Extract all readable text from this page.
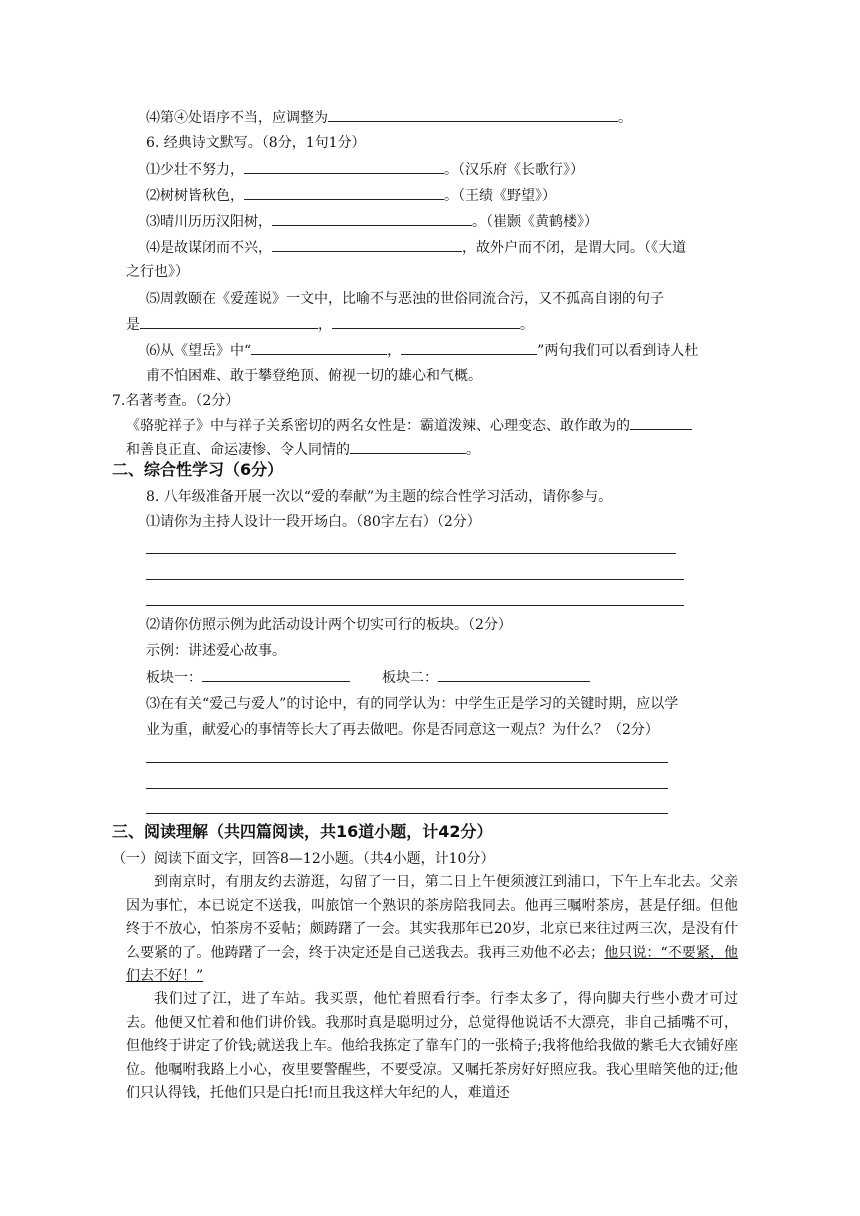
⑷第④处语序不当，应调整为	。
6. 经典诗文默写。（8分，1句1分）
⑴少壮不努力，	。（汉乐府《长歌行》）
⑵树树皆秋色，	。（王绩《野望》）
⑶晴川历历汉阳树，	。（崔颢《黄鹤楼》）
⑷是故谋闭而不兴，	，故外户而不闭，是谓大同。（《大道
之行也》）
⑸周敦颐在《爱莲说》一文中，比喻不与恶浊的世俗同流合污，又不孤高自诩的句子
是	，	。
⑹从《望岳》中“	，	”两句我们可以看到诗人杜
甫不怕困难、敢于攀登绝顶、俯视一切的雄心和气概。
7.名著考查。（2分）
《骆驼祥子》中与祥子关系密切的两名女性是：霸道泼辣、心理变态、敢作敢为的
和善良正直、命运凄惨、令人同情的	。
二、综合性学习（6分）
8. 八年级准备开展一次以“爱的奉献”为主题的综合性学习活动，请你参与。
⑴请你为主持人设计一段开场白。（80字左右）（2分）
⑵请你仿照示例为此活动设计两个切实可行的板块。（2分）
示例：讲述爱心故事。
板块一：	板块二：
⑶在有关“爱己与爱人”的讨论中，有的同学认为：中学生正是学习的关键时期，应以学
业为重，献爱心的事情等长大了再去做吧。你是否同意这一观点？为什么？（2分）
三、阅读理解（共四篇阅读，共16道小题，计42分）
（一）阅读下面文字，回答8—12小题。（共4小题，计10分）
到南京时，有朋友约去游逛，勾留了一日，第二日上午便须渡江到浦口，下午上车北去。父亲因为事忙，本已说定不送我，叫旅馆一个熟识的茶房陪我同去。他再三嘱咐茶房，甚是仔细。但他终于不放心，怕茶房不妥帖；颇踌躇了一会。其实我那年已20岁，北京已来往过两三次，是没有什么要紧的了。他踌躇了一会，终于决定还是自己送我去。我再三劝他不必去；他只说：“不要紧，他们去不好！”
我们过了江，进了车站。我买票，他忙着照看行李。行李太多了，得向脚夫行些小费才可过去。他便又忙着和他们讲价钱。我那时真是聪明过分，总觉得他说话不大漂亮，非自己插嘴不可，但他终于讲定了价钱;就送我上车。他给我拣定了靠车门的一张椅子;我将他给我做的紫毛大衣铺好座位。他嘱咐我路上小心，夜里要警醒些，不要受凉。又嘱托茶房好好照应我。我心里暗笑他的迂;他们只认得钱，托他们只是白托!而且我这样大年纪的人，难道还
